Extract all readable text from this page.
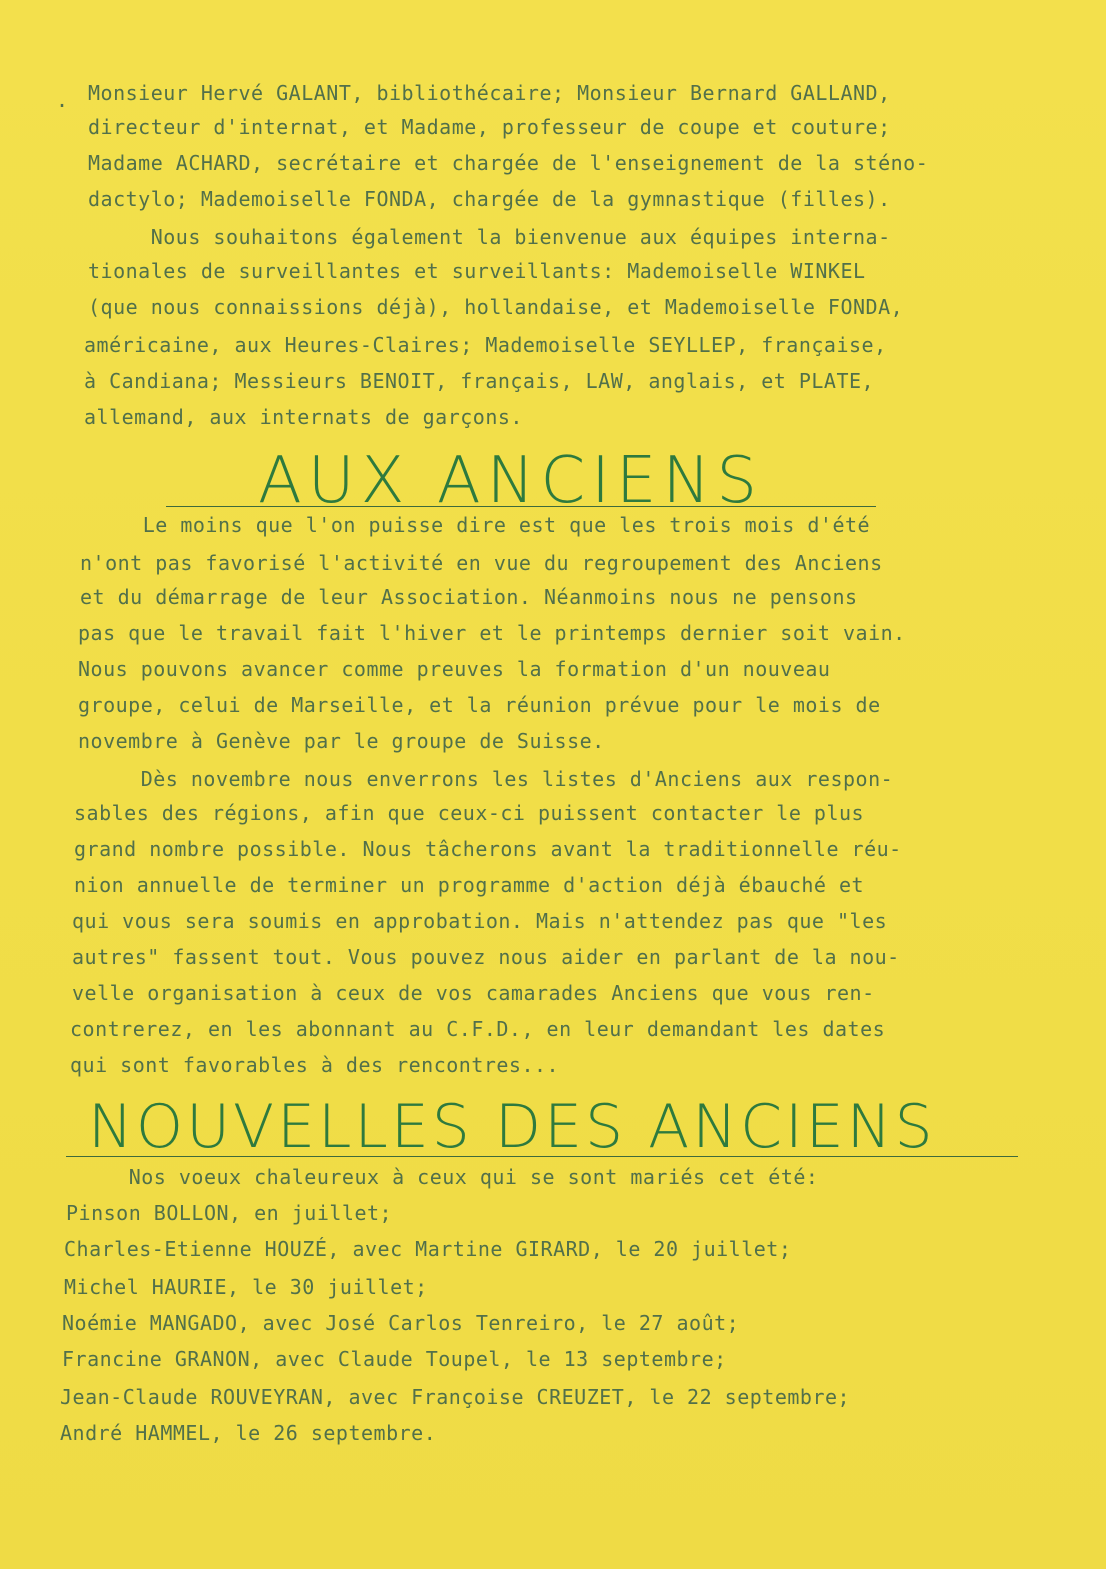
. Monsieur Hervé GALANT, bibliothécaire; Monsieur Bernard GALLAND,
directeur d'internat, et Madame, professeur de coupe et couture;
Madame ACHARD, secrétaire et chargée de l'enseignement de la sténo-
dactylo; Mademoiselle FONDA, chargée de la gymnastique (filles).
Nous souhaitons également la bienvenue aux équipes interna-
tionales de surveillantes et surveillants: Mademoiselle WINKEL
(que nous connaissions déjà), hollandaise, et Mademoiselle FONDA,
américaine, aux Heures-Claires; Mademoiselle SEYLLEP, française,
à Candiana; Messieurs BENOIT, français, LAW, anglais, et PLATE,
allemand, aux internats de garçons.
AUX ANCIENS
Le moins que l'on puisse dire est que les trois mois d'été
n'ont pas favorisé l'activité en vue du regroupement des Anciens
et du démarrage de leur Association. Néanmoins nous ne pensons
pas que le travail fait l'hiver et le printemps dernier soit vain.
Nous pouvons avancer comme preuves la formation d'un nouveau
groupe, celui de Marseille, et la réunion prévue pour le mois de
novembre à Genève par le groupe de Suisse.
Dès novembre nous enverrons les listes d'Anciens aux respon-
sables des régions, afin que ceux-ci puissent contacter le plus
grand nombre possible. Nous tâcherons avant la traditionnelle réu-
nion annuelle de terminer un programme d'action déjà ébauché et
qui vous sera soumis en approbation. Mais n'attendez pas que "les
autres" fassent tout. Vous pouvez nous aider en parlant de la nou-
velle organisation à ceux de vos camarades Anciens que vous ren-
contrerez, en les abonnant au C.F.D., en leur demandant les dates
qui sont favorables à des rencontres...
NOUVELLES DES ANCIENS
Nos voeux chaleureux à ceux qui se sont mariés cet été:
Pinson BOLLON, en juillet;
Charles-Etienne HOUZÉ, avec Martine GIRARD, le 20 juillet;
Michel HAURIE, le 30 juillet;
Noémie MANGADO, avec José Carlos Tenreiro, le 27 août;
Francine GRANON, avec Claude Toupel, le 13 septembre;
Jean-Claude ROUVEYRAN, avec Françoise CREUZET, le 22 septembre;
André HAMMEL, le 26 septembre.
